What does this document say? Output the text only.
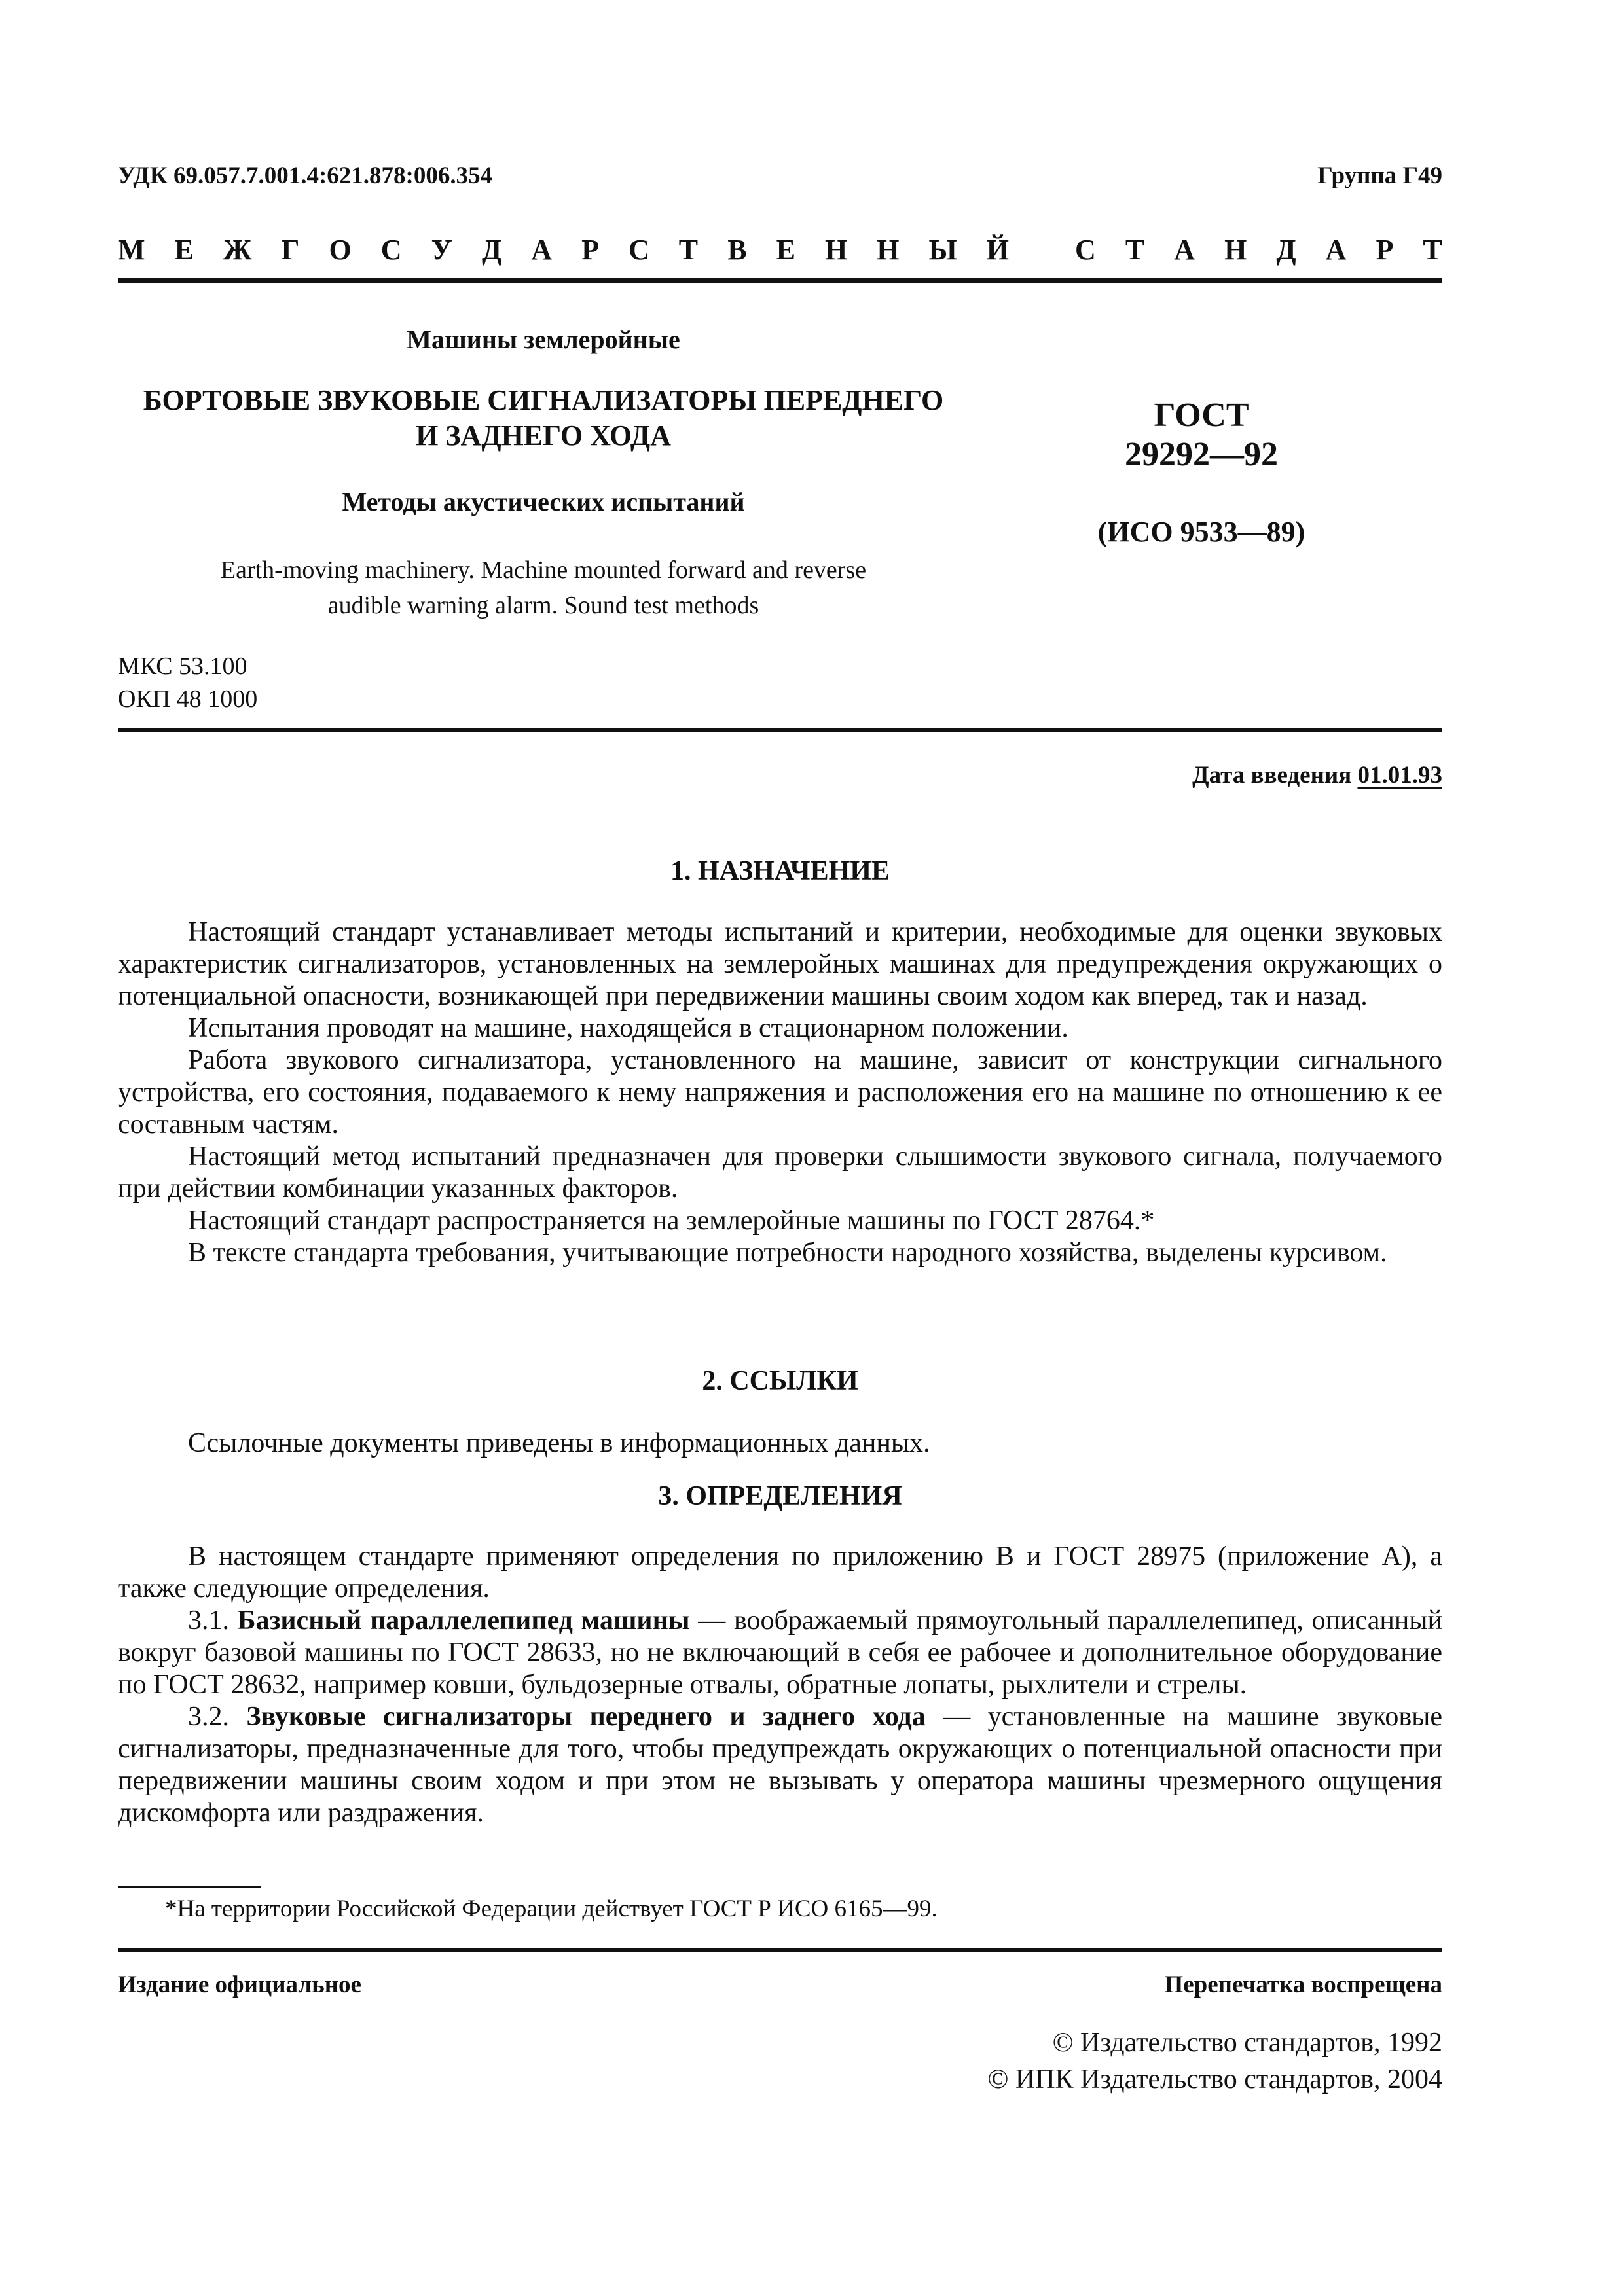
УДК 69.057.7.001.4:621.878:006.354	Группа Г49
М Е Ж Г О С У Д А Р С Т В Е Н Н Ы Й
С Т А Н Д А Р Т
Машины землеройные
БОРТОВЫЕ ЗВУКОВЫЕ СИГНАЛИЗАТОРЫ ПЕРЕДНЕГО
И ЗАДНЕГО ХОДА
Методы акустических испытаний
Earth-moving machinery. Machine mounted forward and reverse
audible warning alarm. Sound test methods
ГОСТ
29292—92
(ИСО 9533—89)
МКС 53.100
ОКП 48 1000
Дата введения 01.01.93
1. НАЗНАЧЕНИЕ

Настоящий стандарт устанавливает методы испытаний и критерии, необходимые для оценки звуковых характеристик сигнализаторов, установленных на землеройных машинах для предупреждения окружающих о потенциальной опасности, возникающей при передвижении машины своим ходом как вперед, так и назад.

Испытания проводят на машине, находящейся в стационарном положении.

Работа звукового сигнализатора, установленного на машине, зависит от конструкции сигнального устройства, его состояния, подаваемого к нему напряжения и расположения его на машине по отношению к ее составным частям.

Настоящий метод испытаний предназначен для проверки слышимости звукового сигнала, получаемого при действии комбинации указанных факторов.

Настоящий стандарт распространяется на землеройные машины по ГОСТ 28764.*

В тексте стандарта требования, учитывающие потребности народного хозяйства, выделены курсивом.

2. ССЫЛКИ

Ссылочные документы приведены в информационных данных.

3. ОПРЕДЕЛЕНИЯ

В настоящем стандарте применяют определения по приложению В и ГОСТ 28975 (приложение А), а также следующие определения.

3.1. Базисный параллелепипед машины — воображаемый прямоугольный параллелепипед, описанный вокруг базовой машины по ГОСТ 28633, но не включающий в себя ее рабочее и дополнительное оборудование по ГОСТ 28632, например ковши, бульдозерные отвалы, обратные лопаты, рыхлители и стрелы.

3.2. Звуковые сигнализаторы переднего и заднего хода — установленные на машине звуковые сигнализаторы, предназначенные для того, чтобы предупреждать окружающих о потенциальной опасности при передвижении машины своим ходом и при этом не вызывать у оператора машины чрезмерного ощущения дискомфорта или раздражения.

*На территории Российской Федерации действует ГОСТ Р ИСО 6165—99.
Издание официальное	Перепечатка воспрещена
© Издательство стандартов, 1992
© ИПК Издательство стандартов, 2004
